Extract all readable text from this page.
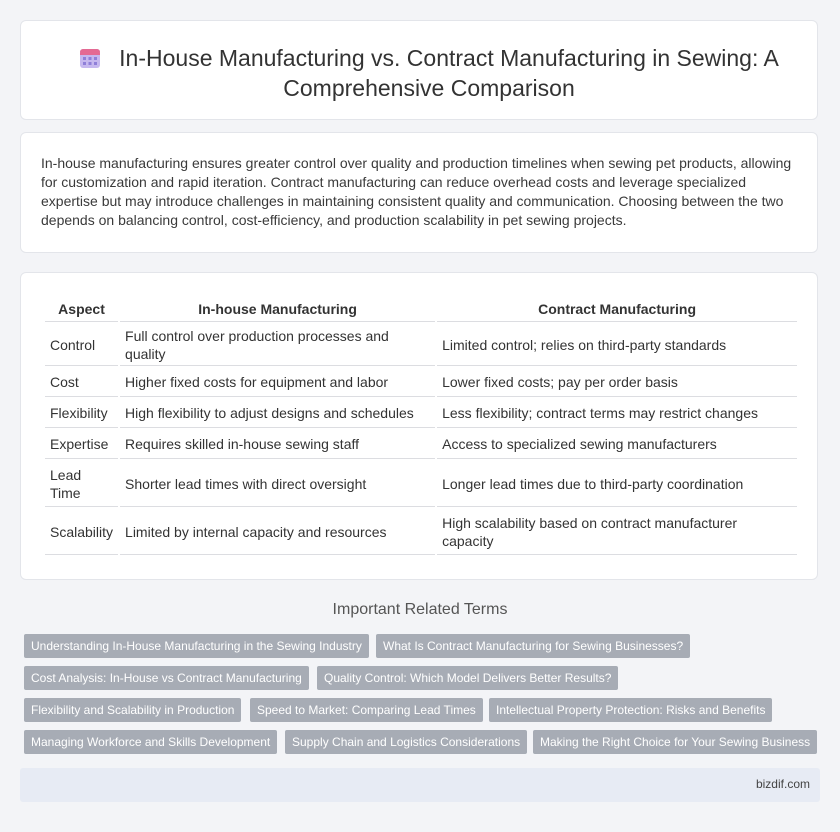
In-House Manufacturing vs. Contract Manufacturing in Sewing: A Comprehensive Comparison
In-house manufacturing ensures greater control over quality and production timelines when sewing pet products, allowing for customization and rapid iteration. Contract manufacturing can reduce overhead costs and leverage specialized expertise but may introduce challenges in maintaining consistent quality and communication. Choosing between the two depends on balancing control, cost-efficiency, and production scalability in pet sewing projects.
Aspect	In-house Manufacturing	Contract Manufacturing
Control	Full control over production processes and quality	Limited control; relies on third-party standards
Cost	Higher fixed costs for equipment and labor	Lower fixed costs; pay per order basis
Flexibility	High flexibility to adjust designs and schedules	Less flexibility; contract terms may restrict changes
Expertise	Requires skilled in-house sewing staff	Access to specialized sewing manufacturers
Lead Time	Shorter lead times with direct oversight	Longer lead times due to third-party coordination
Scalability	Limited by internal capacity and resources	High scalability based on contract manufacturer capacity
Important Related Terms
Understanding In-House Manufacturing in the Sewing Industry	What Is Contract Manufacturing for Sewing Businesses?
Cost Analysis: In-House vs Contract Manufacturing	Quality Control: Which Model Delivers Better Results?
Flexibility and Scalability in Production	Speed to Market: Comparing Lead Times	Intellectual Property Protection: Risks and Benefits
Managing Workforce and Skills Development	Supply Chain and Logistics Considerations	Making the Right Choice for Your Sewing Business
bizdif.com
